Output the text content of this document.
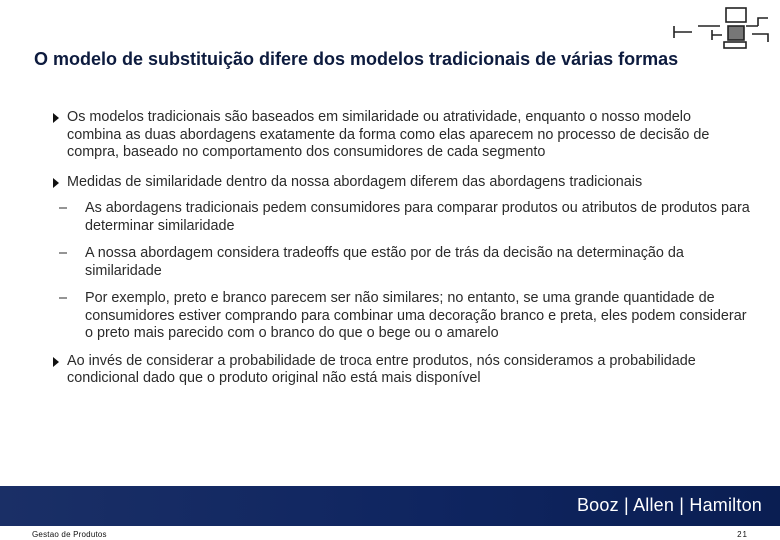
O modelo de substituição difere dos modelos tradicionais de várias formas
Os modelos tradicionais são baseados em similaridade ou atratividade, enquanto o nosso modelo combina as duas abordagens exatamente da forma como elas aparecem no processo de decisão de compra, baseado no comportamento dos consumidores de cada segmento
Medidas de similaridade dentro da nossa abordagem diferem das abordagens tradicionais
– As abordagens tradicionais pedem consumidores para comparar produtos ou atributos de produtos para determinar similaridade
– A nossa abordagem considera tradeoffs que estão por de trás da decisão na determinação da similaridade
– Por exemplo, preto e branco parecem ser não similares; no entanto, se uma grande quantidade de consumidores estiver comprando para combinar uma decoração branco e preta, eles podem considerar o preto mais parecido com o branco do que o bege ou o amarelo
Ao invés de considerar a probabilidade de troca entre produtos, nós consideramos a probabilidade condicional dado que o produto original não está mais disponível
Booz | Allen | Hamilton
Gestao de Produtos	21
